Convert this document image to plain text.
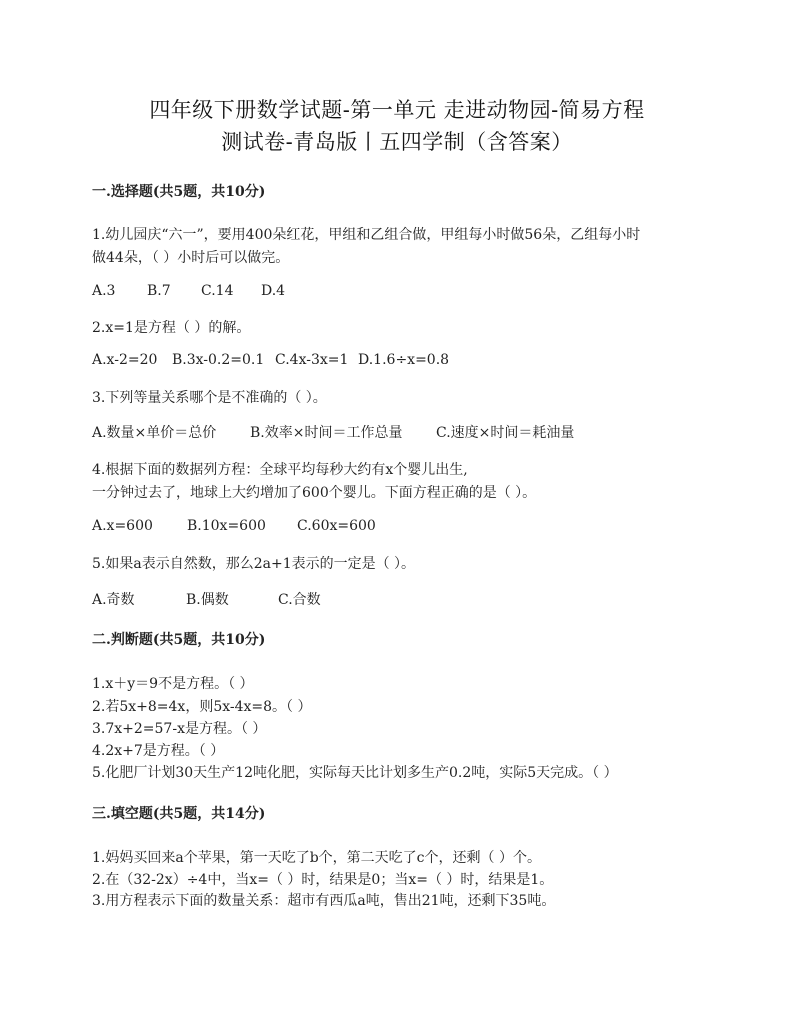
四年级下册数学试题-第一单元 走进动物园-简易方程
测试卷-青岛版丨五四学制（含答案）
一.选择题(共5题，共10分)
1.幼儿园庆“六一”，要用400朵红花，甲组和乙组合做，甲组每小时做56朵，乙组每小时
做44朵，（ ）小时后可以做完。
A.3 B.7 C.14 D.4
2.x=1是方程（ ）的解。
A.x-2=20 B.3x-0.2=0.1 C.4x-3x=1 D.1.6÷x=0.8
3.下列等量关系哪个是不准确的（ ）。
A.数量×单价＝总价 B.效率×时间＝工作总量 C.速度×时间＝耗油量
4.根据下面的数据列方程：全球平均每秒大约有x个婴儿出生,
一分钟过去了，地球上大约增加了600个婴儿。下面方程正确的是（ ）。
A.x=600 B.10x=600 C.60x=600
5.如果a表示自然数，那么2a+1表示的一定是（ ）。
A.奇数	B.偶数	C.合数
二.判断题(共5题，共10分)
1.x＋y＝9不是方程。（ ）
2.若5x+8=4x，则5x-4x=8。（ ）
3.7x+2=57-x是方程。（ ）
4.2x+7是方程。（ ）
5.化肥厂计划30天生产12吨化肥，实际每天比计划多生产0.2吨，实际5天完成。（ ）
三.填空题(共5题，共14分)
1.妈妈买回来a个苹果，第一天吃了b个，第二天吃了c个，还剩（ ）个。
2.在（32-2x）÷4中，当x=（ ）时，结果是0；当x=（ ）时，结果是1。
3.用方程表示下面的数量关系：超市有西瓜a吨，售出21吨，还剩下35吨。
